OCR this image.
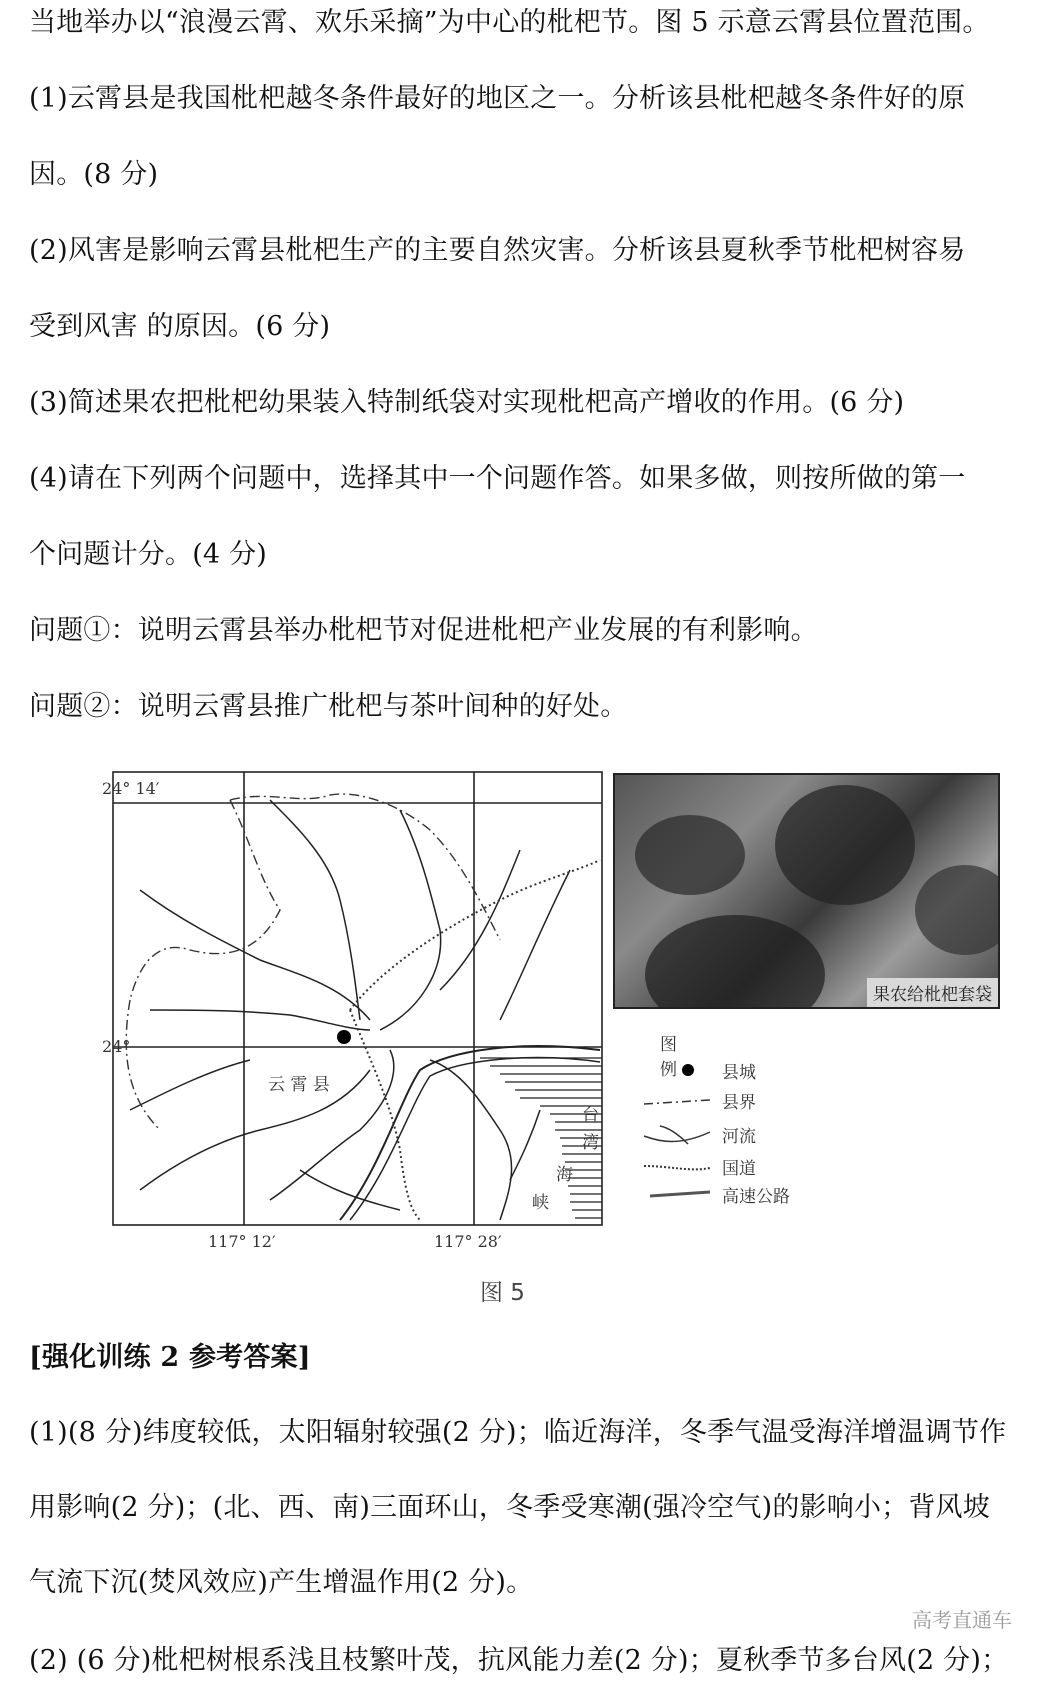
当地举办以“浪漫云霄、欢乐采摘”为中心的枇杷节。图 5 示意云霄县位置范围。
(1)云霄县是我国枇杷越冬条件最好的地区之一。分析该县枇杷越冬条件好的原
因。(8 分)
(2)风害是影响云霄县枇杷生产的主要自然灾害。分析该县夏秋季节枇杷树容易
受到风害 的原因。(6 分)
(3)简述果农把枇杷幼果装入特制纸袋对实现枇杷高产增收的作用。(6 分)
(4)请在下列两个问题中，选择其中一个问题作答。如果多做，则按所做的第一
个问题计分。(4 分)
问题①：说明云霄县举办枇杷节对促进枇杷产业发展的有利影响。
问题②：说明云霄县推广枇杷与茶叶间种的好处。
24° 14′
24°
117° 12′	117° 28′
云 霄 县
台
湾
海
峡
果农给枇杷套袋
图例	县城
县界
河流
国道
高速公路
图 5
[强化训练 2 参考答案]
(1)(8 分)纬度较低，太阳辐射较强(2 分)；临近海洋，冬季气温受海洋增温调节作
用影响(2 分)；(北、西、南)三面环山，冬季受寒潮(强冷空气)的影响小；背风坡
气流下沉(焚风效应)产生增温作用(2 分)。
(2) (6 分)枇杷树根系浅且枝繁叶茂，抗风能力差(2 分)；夏秋季节多台风(2 分)；
高考直通车
